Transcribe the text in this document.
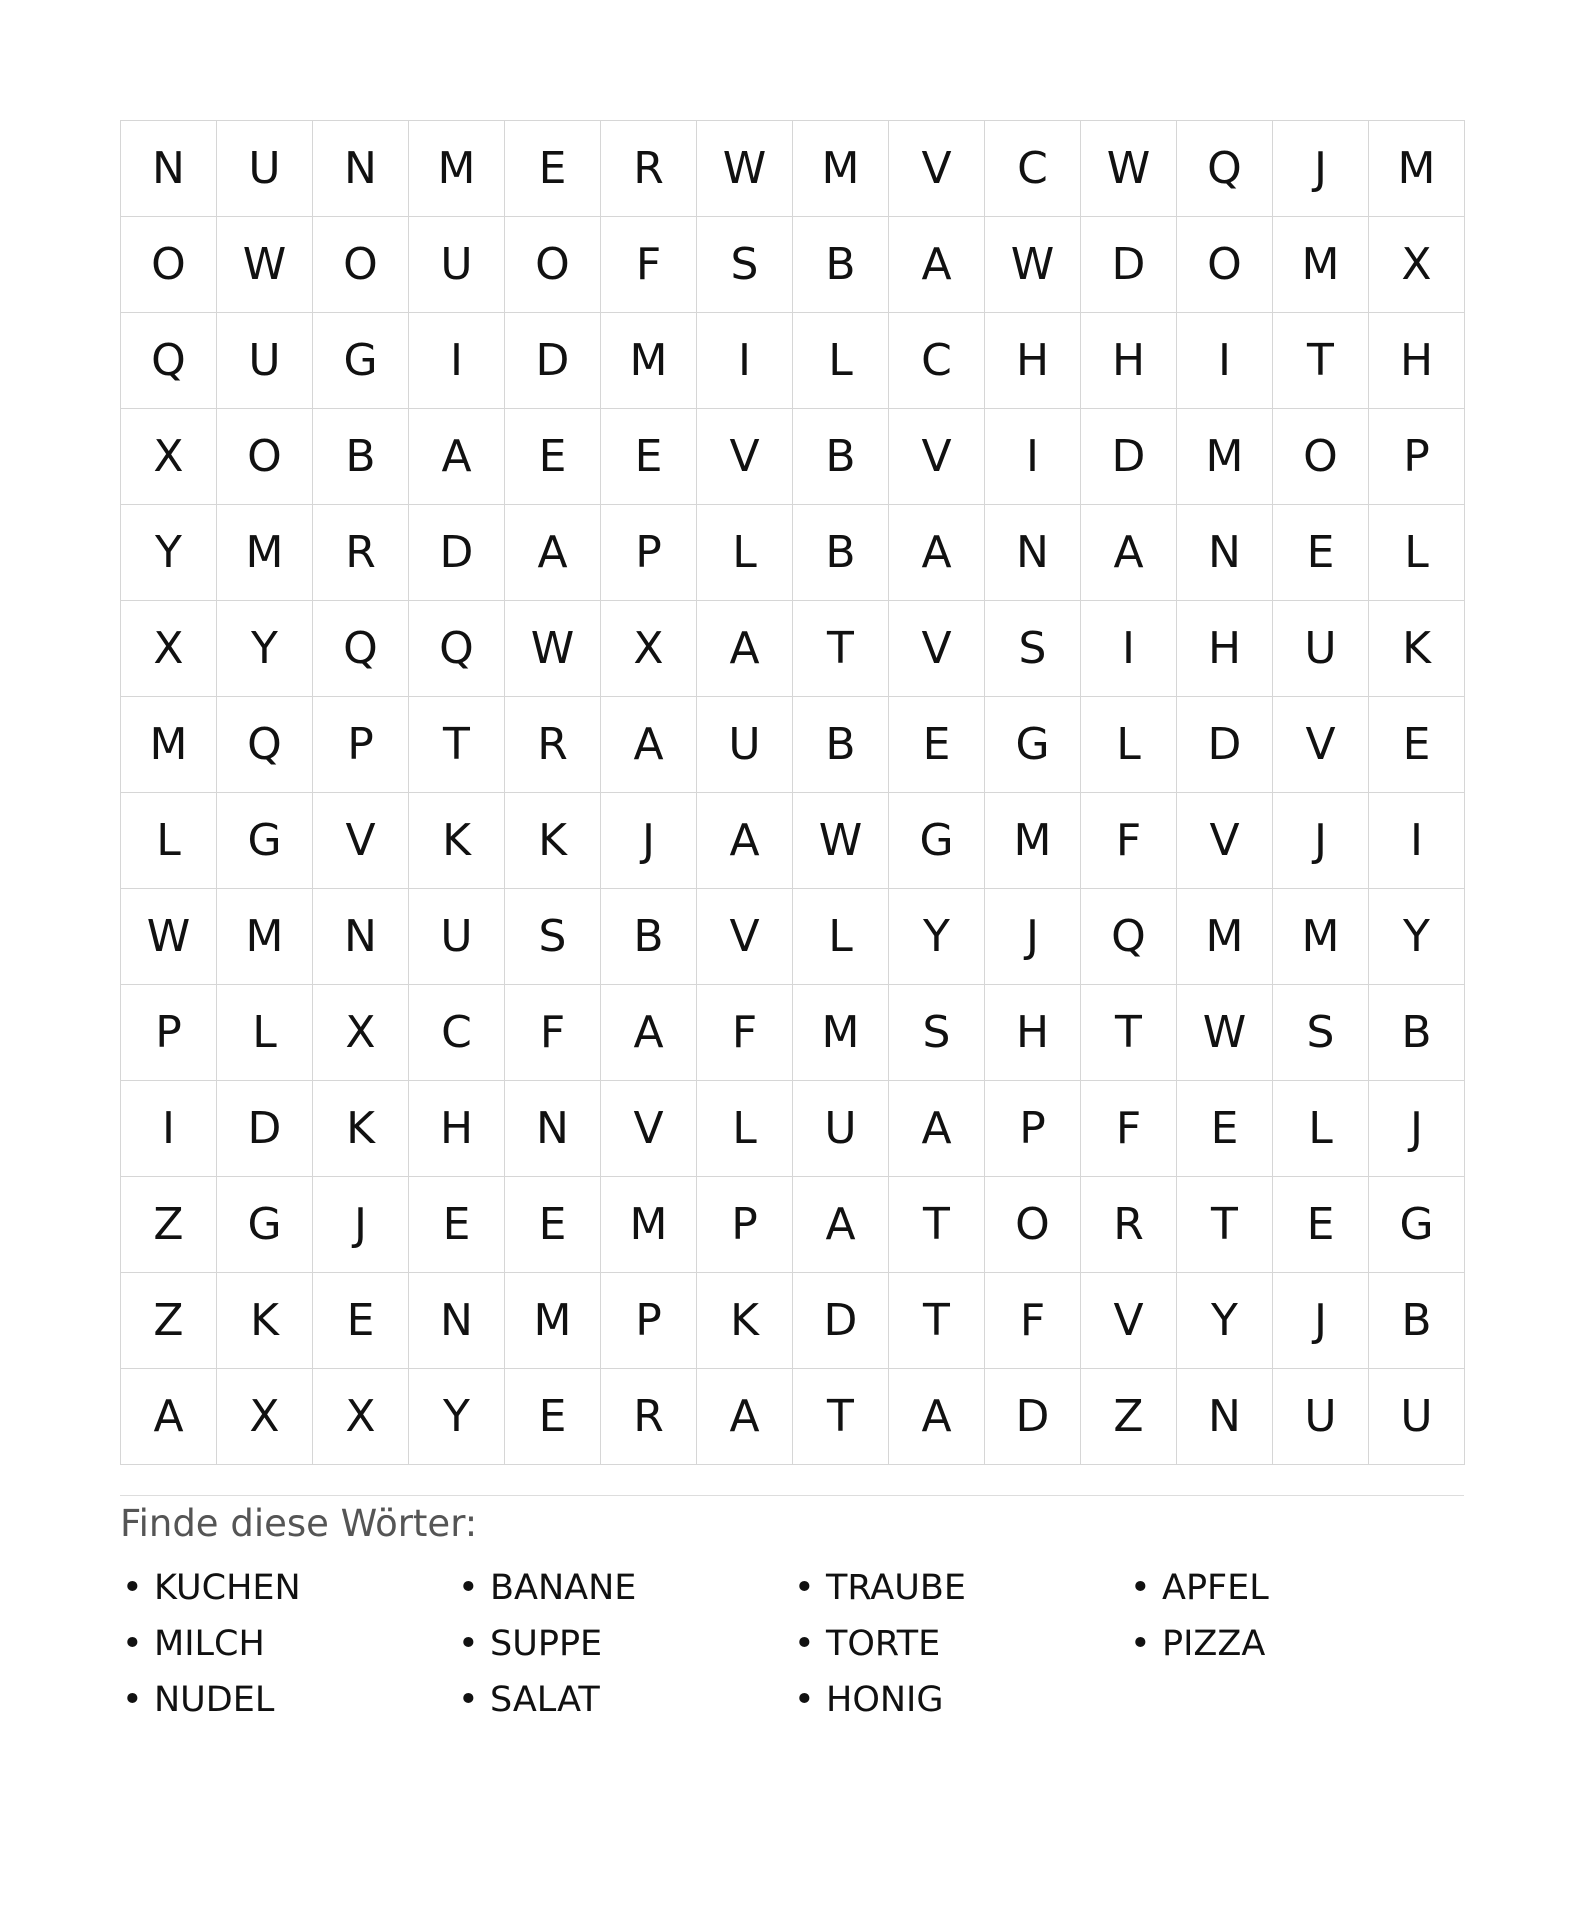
N	U	N	M	E	R	W	M	V	C	W	Q	J	M
O	W	O	U	O	F	S	B	A	W	D	O	M	X
Q	U	G	I	D	M	I	L	C	H	H	I	T	H
X	O	B	A	E	E	V	B	V	I	D	M	O	P
Y	M	R	D	A	P	L	B	A	N	A	N	E	L
X	Y	Q	Q	W	X	A	T	V	S	I	H	U	K
M	Q	P	T	R	A	U	B	E	G	L	D	V	E
L	G	V	K	K	J	A	W	G	M	F	V	J	I
W	M	N	U	S	B	V	L	Y	J	Q	M	M	Y
P	L	X	C	F	A	F	M	S	H	T	W	S	B
I	D	K	H	N	V	L	U	A	P	F	E	L	J
Z	G	J	E	E	M	P	A	T	O	R	T	E	G
Z	K	E	N	M	P	K	D	T	F	V	Y	J	B
A	X	X	Y	E	R	A	T	A	D	Z	N	U	U
Finde diese Wörter:
• KUCHEN	• BANANE	• TRAUBE	• APFEL
• MILCH	• SUPPE	• TORTE	• PIZZA
• NUDEL	• SALAT	• HONIG
